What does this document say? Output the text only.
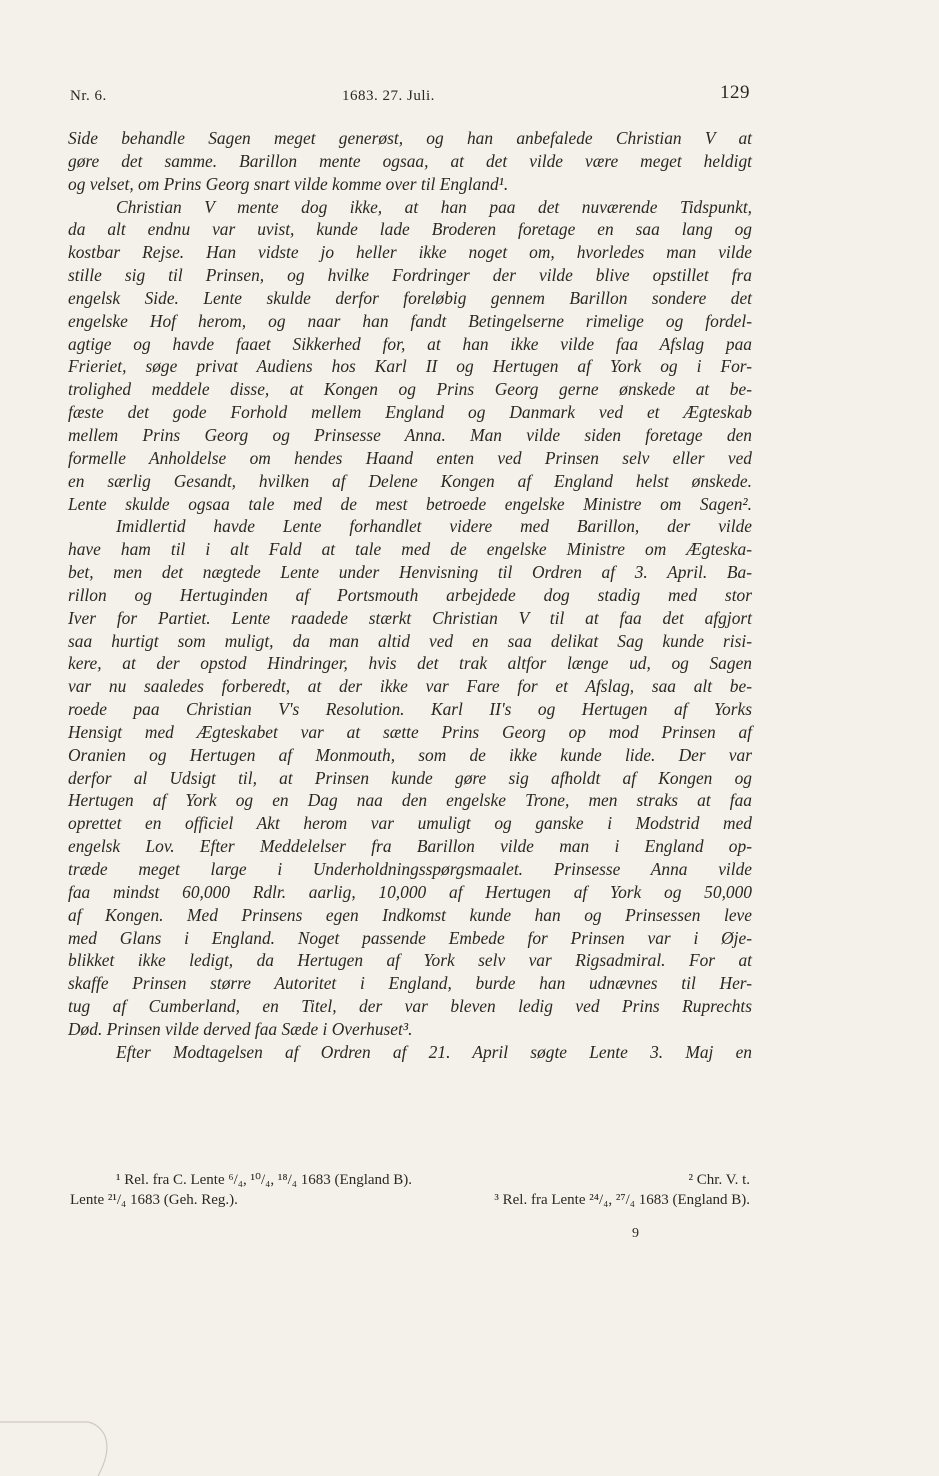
Nr. 6.	1683. 27. Juli.	129
Side behandle Sagen meget generøst, og han anbefalede Christian V at
gøre det samme. Barillon mente ogsaa, at det vilde være meget heldigt
og velset, om Prins Georg snart vilde komme over til England¹.
Christian V mente dog ikke, at han paa det nuværende Tidspunkt,
da alt endnu var uvist, kunde lade Broderen foretage en saa lang og
kostbar Rejse. Han vidste jo heller ikke noget om, hvorledes man vilde
stille sig til Prinsen, og hvilke Fordringer der vilde blive opstillet fra
engelsk Side. Lente skulde derfor foreløbig gennem Barillon sondere det
engelske Hof herom, og naar han fandt Betingelserne rimelige og fordel-
agtige og havde faaet Sikkerhed for, at han ikke vilde faa Afslag paa
Frieriet, søge privat Audiens hos Karl II og Hertugen af York og i For-
trolighed meddele disse, at Kongen og Prins Georg gerne ønskede at be-
fæste det gode Forhold mellem England og Danmark ved et Ægteskab
mellem Prins Georg og Prinsesse Anna. Man vilde siden foretage den
formelle Anholdelse om hendes Haand enten ved Prinsen selv eller ved
en særlig Gesandt, hvilken af Delene Kongen af England helst ønskede.
Lente skulde ogsaa tale med de mest betroede engelske Ministre om Sagen².
Imidlertid havde Lente forhandlet videre med Barillon, der vilde
have ham til i alt Fald at tale med de engelske Ministre om Ægteska-
bet, men det nægtede Lente under Henvisning til Ordren af 3. April. Ba-
rillon og Hertuginden af Portsmouth arbejdede dog stadig med stor
Iver for Partiet. Lente raadede stærkt Christian V til at faa det afgjort
saa hurtigt som muligt, da man altid ved en saa delikat Sag kunde risi-
kere, at der opstod Hindringer, hvis det trak altfor længe ud, og Sagen
var nu saaledes forberedt, at der ikke var Fare for et Afslag, saa alt be-
roede paa Christian V's Resolution. Karl II's og Hertugen af Yorks
Hensigt med Ægteskabet var at sætte Prins Georg op mod Prinsen af
Oranien og Hertugen af Monmouth, som de ikke kunde lide. Der var
derfor al Udsigt til, at Prinsen kunde gøre sig afholdt af Kongen og
Hertugen af York og en Dag naa den engelske Trone, men straks at faa
oprettet en officiel Akt herom var umuligt og ganske i Modstrid med
engelsk Lov. Efter Meddelelser fra Barillon vilde man i England op-
træde meget large i Underholdningsspørgsmaalet. Prinsesse Anna vilde
faa mindst 60,000 Rdlr. aarlig, 10,000 af Hertugen af York og 50,000
af Kongen. Med Prinsens egen Indkomst kunde han og Prinsessen leve
med Glans i England. Noget passende Embede for Prinsen var i Øje-
blikket ikke ledigt, da Hertugen af York selv var Rigsadmiral. For at
skaffe Prinsen større Autoritet i England, burde han udnævnes til Her-
tug af Cumberland, en Titel, der var bleven ledig ved Prins Ruprechts
Død. Prinsen vilde derved faa Sæde i Overhuset³.
Efter Modtagelsen af Ordren af 21. April søgte Lente 3. Maj en
¹ Rel. fra C. Lente ⁶/₄, ¹⁰/₄, ¹⁸/₄ 1683 (England B).	² Chr. V. t.
Lente ²¹/₄ 1683 (Geh. Reg.).	³ Rel. fra Lente ²⁴/₄, ²⁷/₄ 1683 (England B).
9
